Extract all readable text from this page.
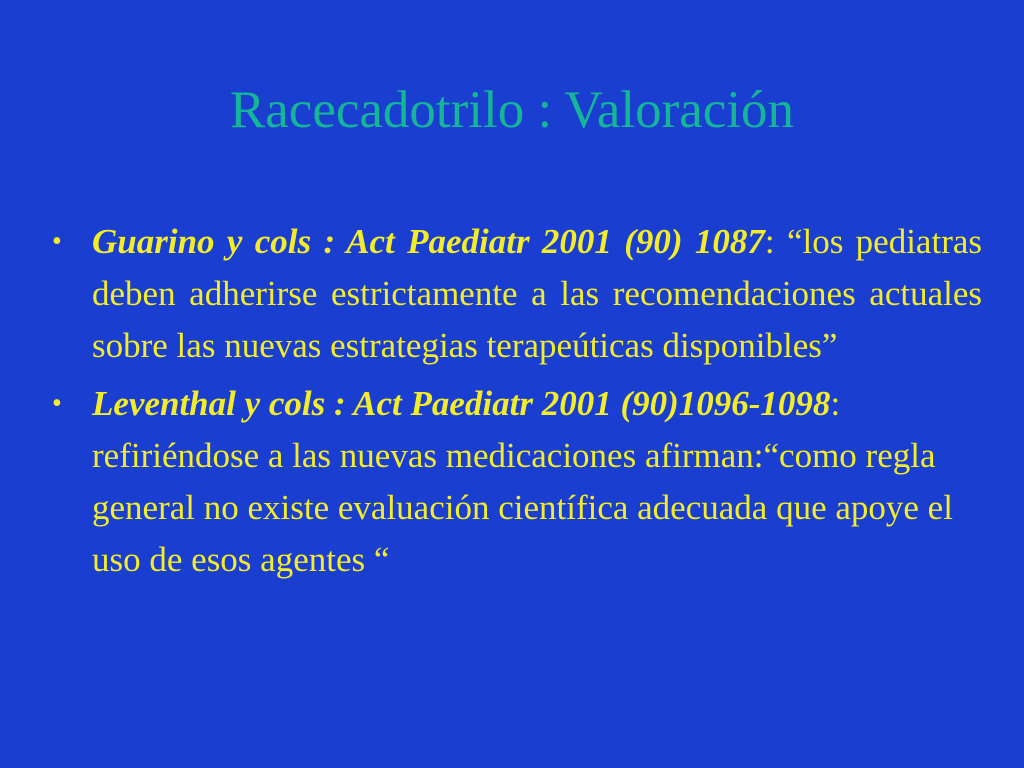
Racecadotrilo : Valoración
• Guarino y cols : Act Paediatr 2001 (90) 1087: “los pediatras deben adherirse estrictamente a las recomendaciones actuales sobre las nuevas estrategias terapeúticas disponibles”
• Leventhal y cols : Act Paediatr 2001 (90)1096-1098: refiriéndose a las nuevas medicaciones afirman:“como regla general no existe evaluación científica adecuada que apoye el uso de esos agentes “
